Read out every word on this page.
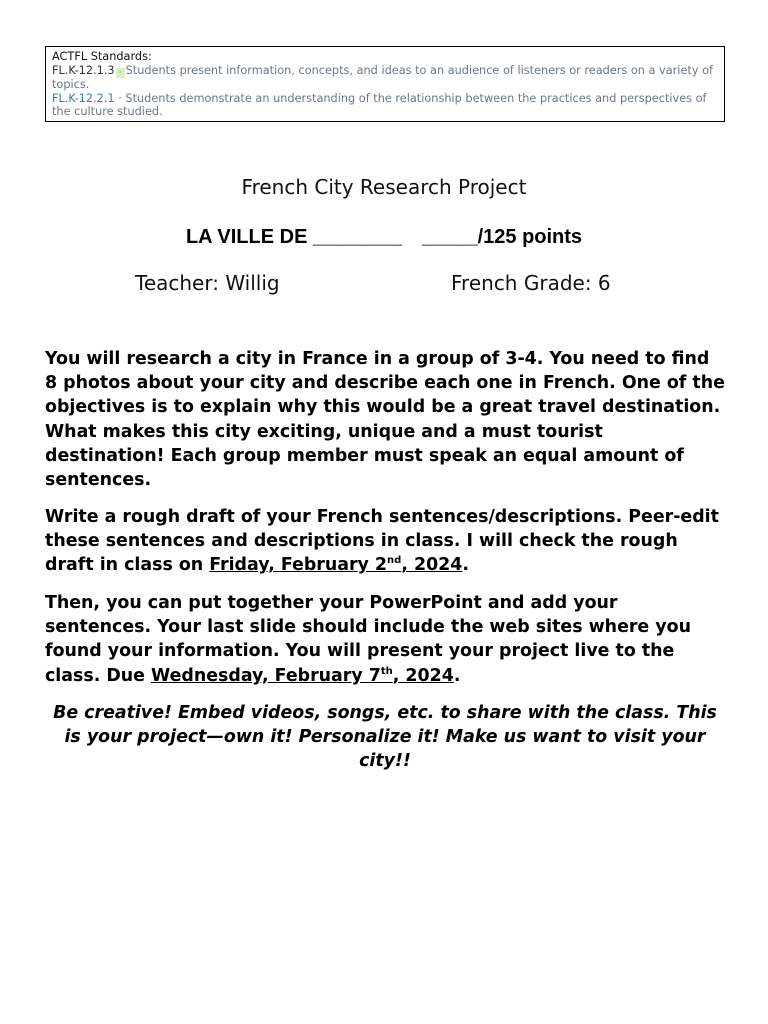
ACTFL Standards:
FL.K-12.1.3 · Students present information, concepts, and ideas to an audience of listeners or readers on a variety of topics.
FL.K-12.2.1 · Students demonstrate an understanding of the relationship between the practices and perspectives of the culture studied.
French City Research Project
LA VILLE DE ________ _____/125 points
Teacher: Willig	French Grade: 6
You will research a city in France in a group of 3-4. You need to find 8 photos about your city and describe each one in French. One of the objectives is to explain why this would be a great travel destination. What makes this city exciting, unique and a must tourist destination! Each group member must speak an equal amount of sentences.
Write a rough draft of your French sentences/descriptions. Peer-edit these sentences and descriptions in class. I will check the rough draft in class on Friday, February 2nd, 2024.
Then, you can put together your PowerPoint and add your sentences. Your last slide should include the web sites where you found your information. You will present your project live to the class. Due Wednesday, February 7th, 2024.
Be creative! Embed videos, songs, etc. to share with the class. This is your project—own it! Personalize it! Make us want to visit your city!!
